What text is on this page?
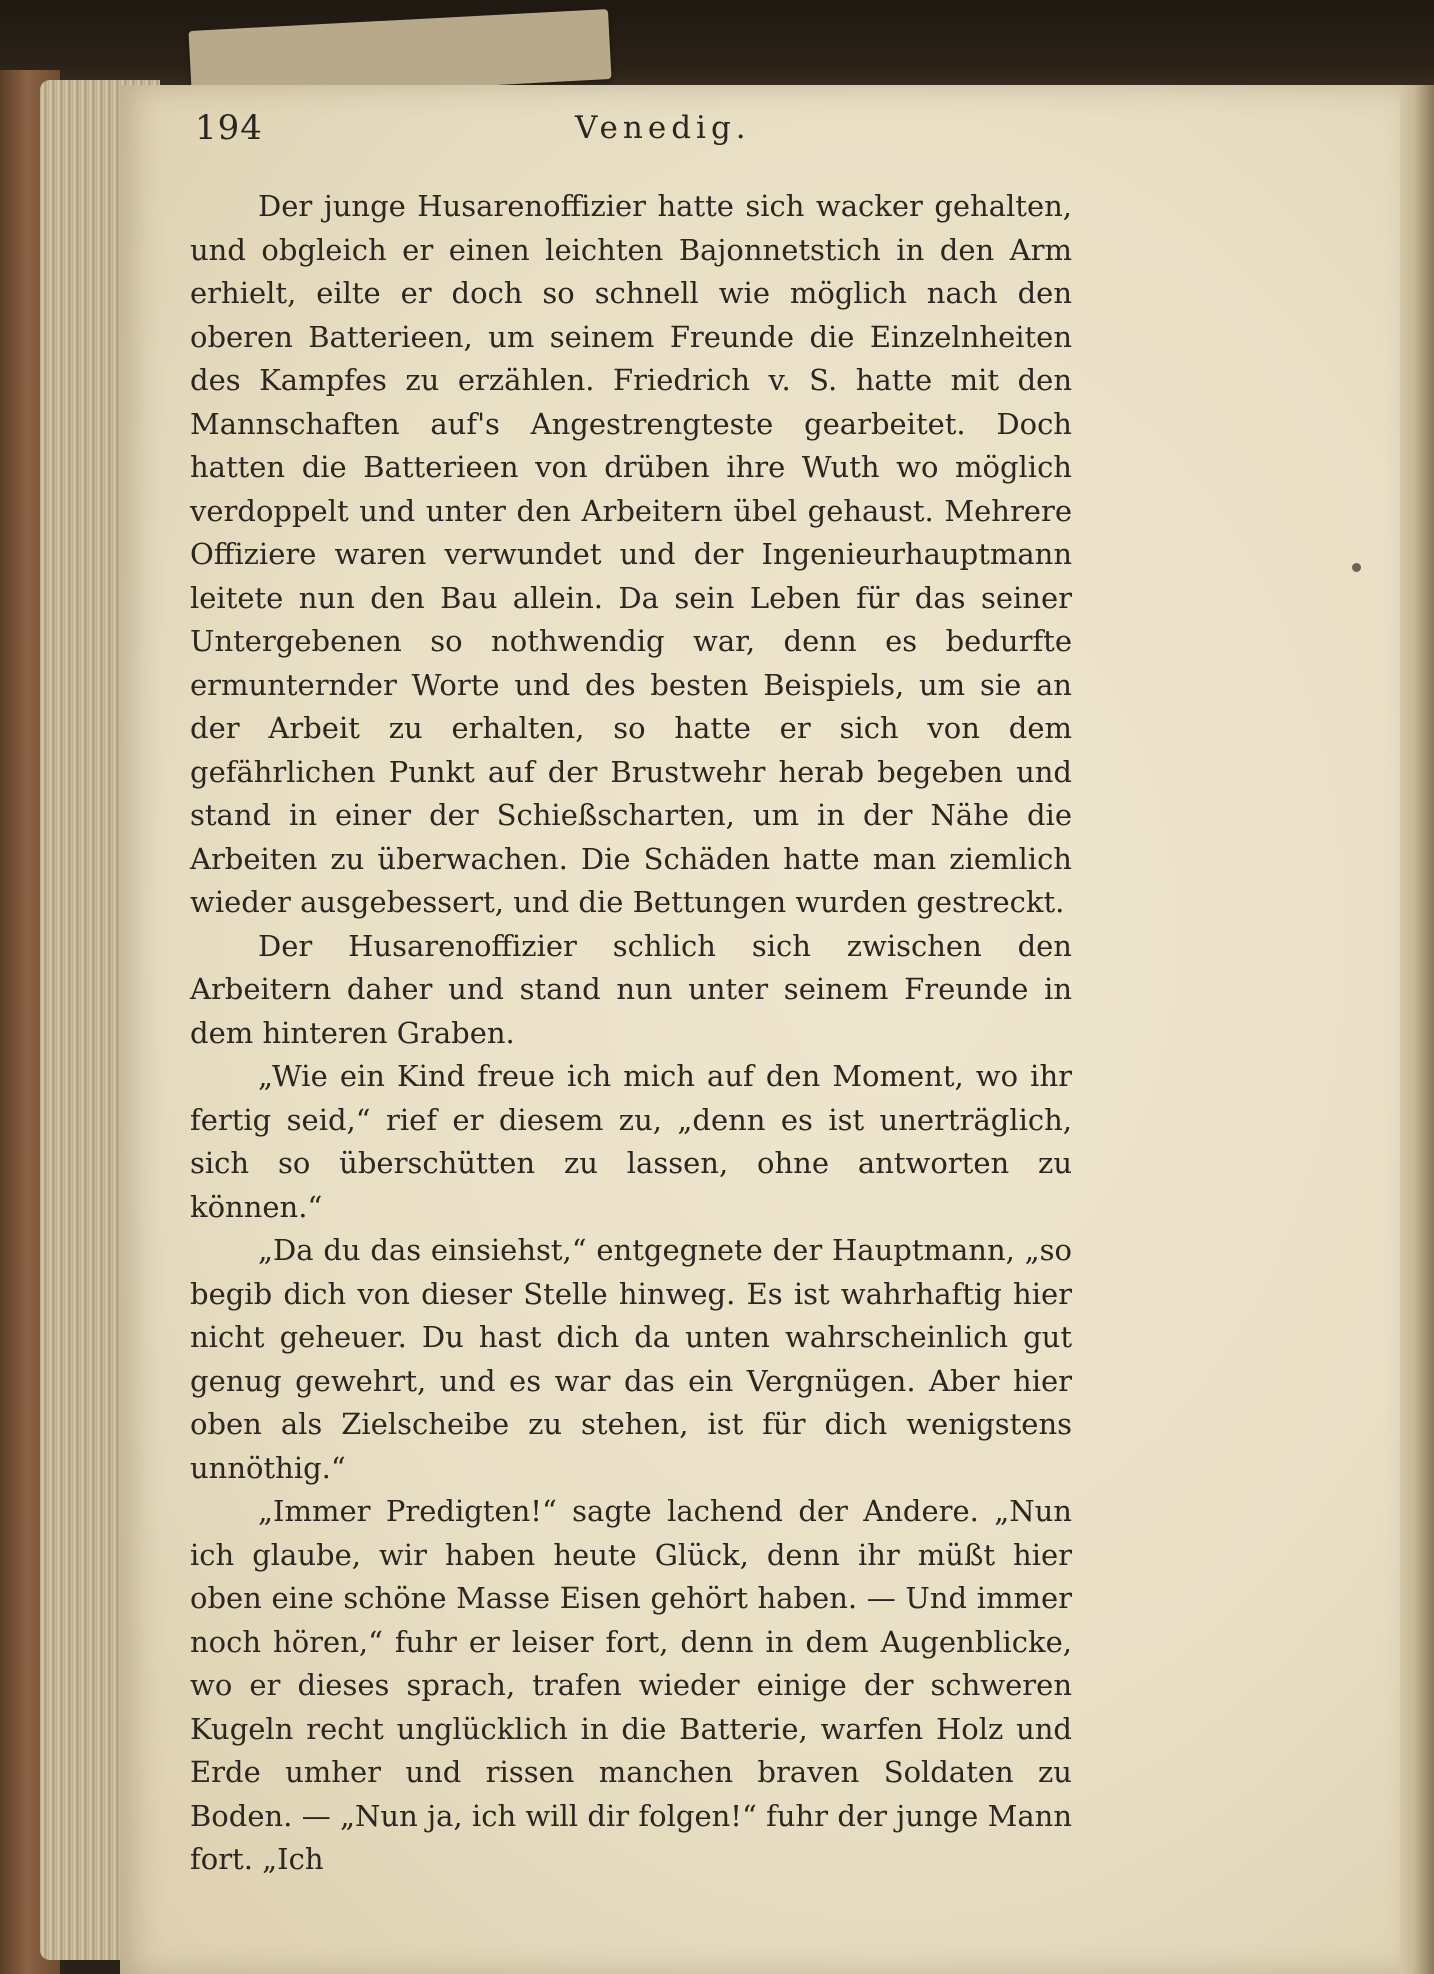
194	Venedig.

Der junge Husarenoffizier hatte sich wacker gehalten, und obgleich er einen leichten Bajonnetstich in den Arm erhielt, eilte er doch so schnell wie möglich nach den oberen Batterieen, um seinem Freunde die Einzelnheiten des Kampfes zu erzählen. Friedrich v. S. hatte mit den Mannschaften auf's Angestrengteste gearbeitet. Doch hatten die Batterieen von drüben ihre Wuth wo möglich verdoppelt und unter den Arbeitern übel gehaust. Mehrere Offiziere waren verwundet und der Ingenieurhauptmann leitete nun den Bau allein. Da sein Leben für das seiner Untergebenen so nothwendig war, denn es bedurfte ermunternder Worte und des besten Beispiels, um sie an der Arbeit zu erhalten, so hatte er sich von dem gefährlichen Punkt auf der Brustwehr herab begeben und stand in einer der Schießscharten, um in der Nähe die Arbeiten zu überwachen. Die Schäden hatte man ziemlich wieder ausgebessert, und die Bettungen wurden gestreckt.

Der Husarenoffizier schlich sich zwischen den Arbeitern daher und stand nun unter seinem Freunde in dem hinteren Graben.

„Wie ein Kind freue ich mich auf den Moment, wo ihr fertig seid,“ rief er diesem zu, „denn es ist unerträglich, sich so überschütten zu lassen, ohne antworten zu können.“

„Da du das einsiehst,“ entgegnete der Hauptmann, „so begib dich von dieser Stelle hinweg. Es ist wahrhaftig hier nicht geheuer. Du hast dich da unten wahrscheinlich gut genug gewehrt, und es war das ein Vergnügen. Aber hier oben als Zielscheibe zu stehen, ist für dich wenigstens unnöthig.“

„Immer Predigten!“ sagte lachend der Andere. „Nun ich glaube, wir haben heute Glück, denn ihr müßt hier oben eine schöne Masse Eisen gehört haben. — Und immer noch hören,“ fuhr er leiser fort, denn in dem Augenblicke, wo er dieses sprach, trafen wieder einige der schweren Kugeln recht unglücklich in die Batterie, warfen Holz und Erde umher und rissen manchen braven Soldaten zu Boden. — „Nun ja, ich will dir folgen!“ fuhr der junge Mann fort. „Ich
